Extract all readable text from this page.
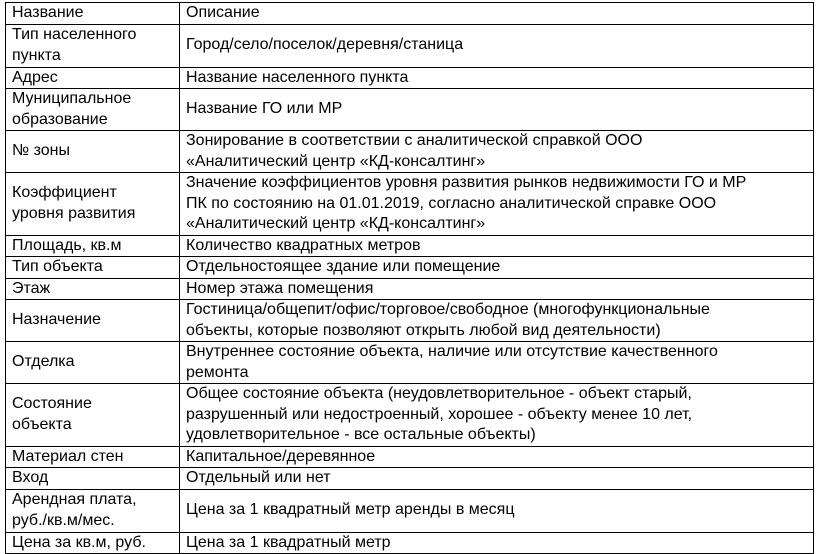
Название	Описание
Тип населенного
пункта	Город/село/поселок/деревня/станица
Адрес	Название населенного пункта
Муниципальное
образование	Название ГО или МР
№ зоны	Зонирование в соответствии с аналитической справкой ООО
«Аналитический центр «КД-консалтинг»
Коэффициент
уровня развития	Значение коэффициентов уровня развития рынков недвижимости ГО и МР
ПК по состоянию на 01.01.2019, согласно аналитической справке ООО
«Аналитический центр «КД-консалтинг»
Площадь, кв.м	Количество квадратных метров
Тип объекта	Отдельностоящее здание или помещение
Этаж	Номер этажа помещения
Назначение	Гостиница/общепит/офис/торговое/свободное (многофункциональные
объекты, которые позволяют открыть любой вид деятельности)
Отделка	Внутреннее состояние объекта, наличие или отсутствие качественного
ремонта
Состояние
объекта	Общее состояние объекта (неудовлетворительное - объект старый,
разрушенный или недостроенный, хорошее - объекту менее 10 лет,
удовлетворительное - все остальные объекты)
Материал стен	Капитальное/деревянное
Вход	Отдельный или нет
Арендная плата,
руб./кв.м/мес.	Цена за 1 квадратный метр аренды в месяц
Цена за кв.м, руб.	Цена за 1 квадратный метр
